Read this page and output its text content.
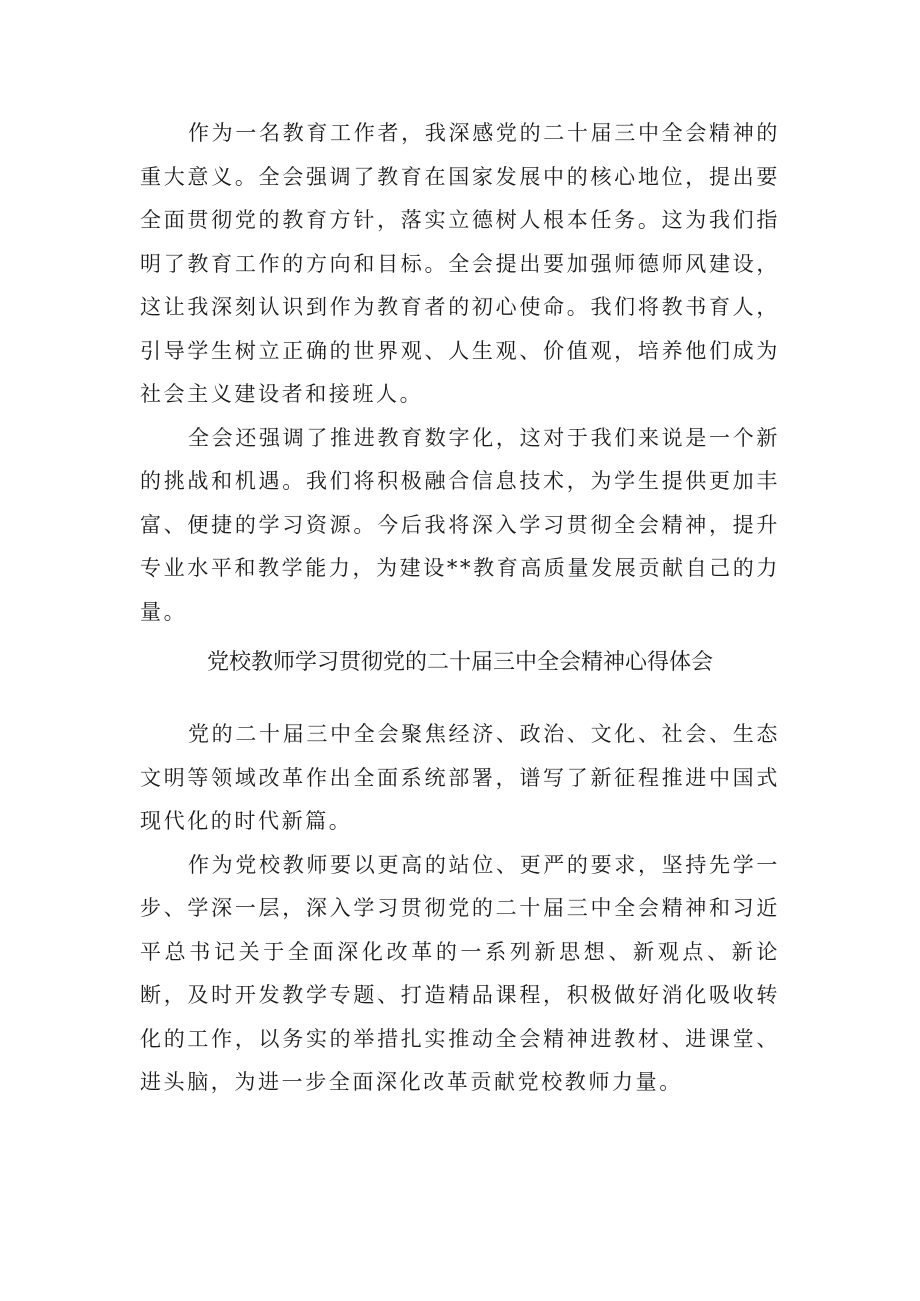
作为一名教育工作者，我深感党的二十届三中全会精神的重大意义。全会强调了教育在国家发展中的核心地位，提出要全面贯彻党的教育方针，落实立德树人根本任务。这为我们指明了教育工作的方向和目标。全会提出要加强师德师风建设，这让我深刻认识到作为教育者的初心使命。我们将教书育人，引导学生树立正确的世界观、人生观、价值观，培养他们成为社会主义建设者和接班人。

全会还强调了推进教育数字化，这对于我们来说是一个新的挑战和机遇。我们将积极融合信息技术，为学生提供更加丰富、便捷的学习资源。今后我将深入学习贯彻全会精神，提升专业水平和教学能力，为建设**教育高质量发展贡献自己的力量。

党校教师学习贯彻党的二十届三中全会精神心得体会

党的二十届三中全会聚焦经济、政治、文化、社会、生态文明等领域改革作出全面系统部署，谱写了新征程推进中国式现代化的时代新篇。

作为党校教师要以更高的站位、更严的要求，坚持先学一步、学深一层，深入学习贯彻党的二十届三中全会精神和习近平总书记关于全面深化改革的一系列新思想、新观点、新论断，及时开发教学专题、打造精品课程，积极做好消化吸收转化的工作，以务实的举措扎实推动全会精神进教材、进课堂、进头脑，为进一步全面深化改革贡献党校教师力量。
